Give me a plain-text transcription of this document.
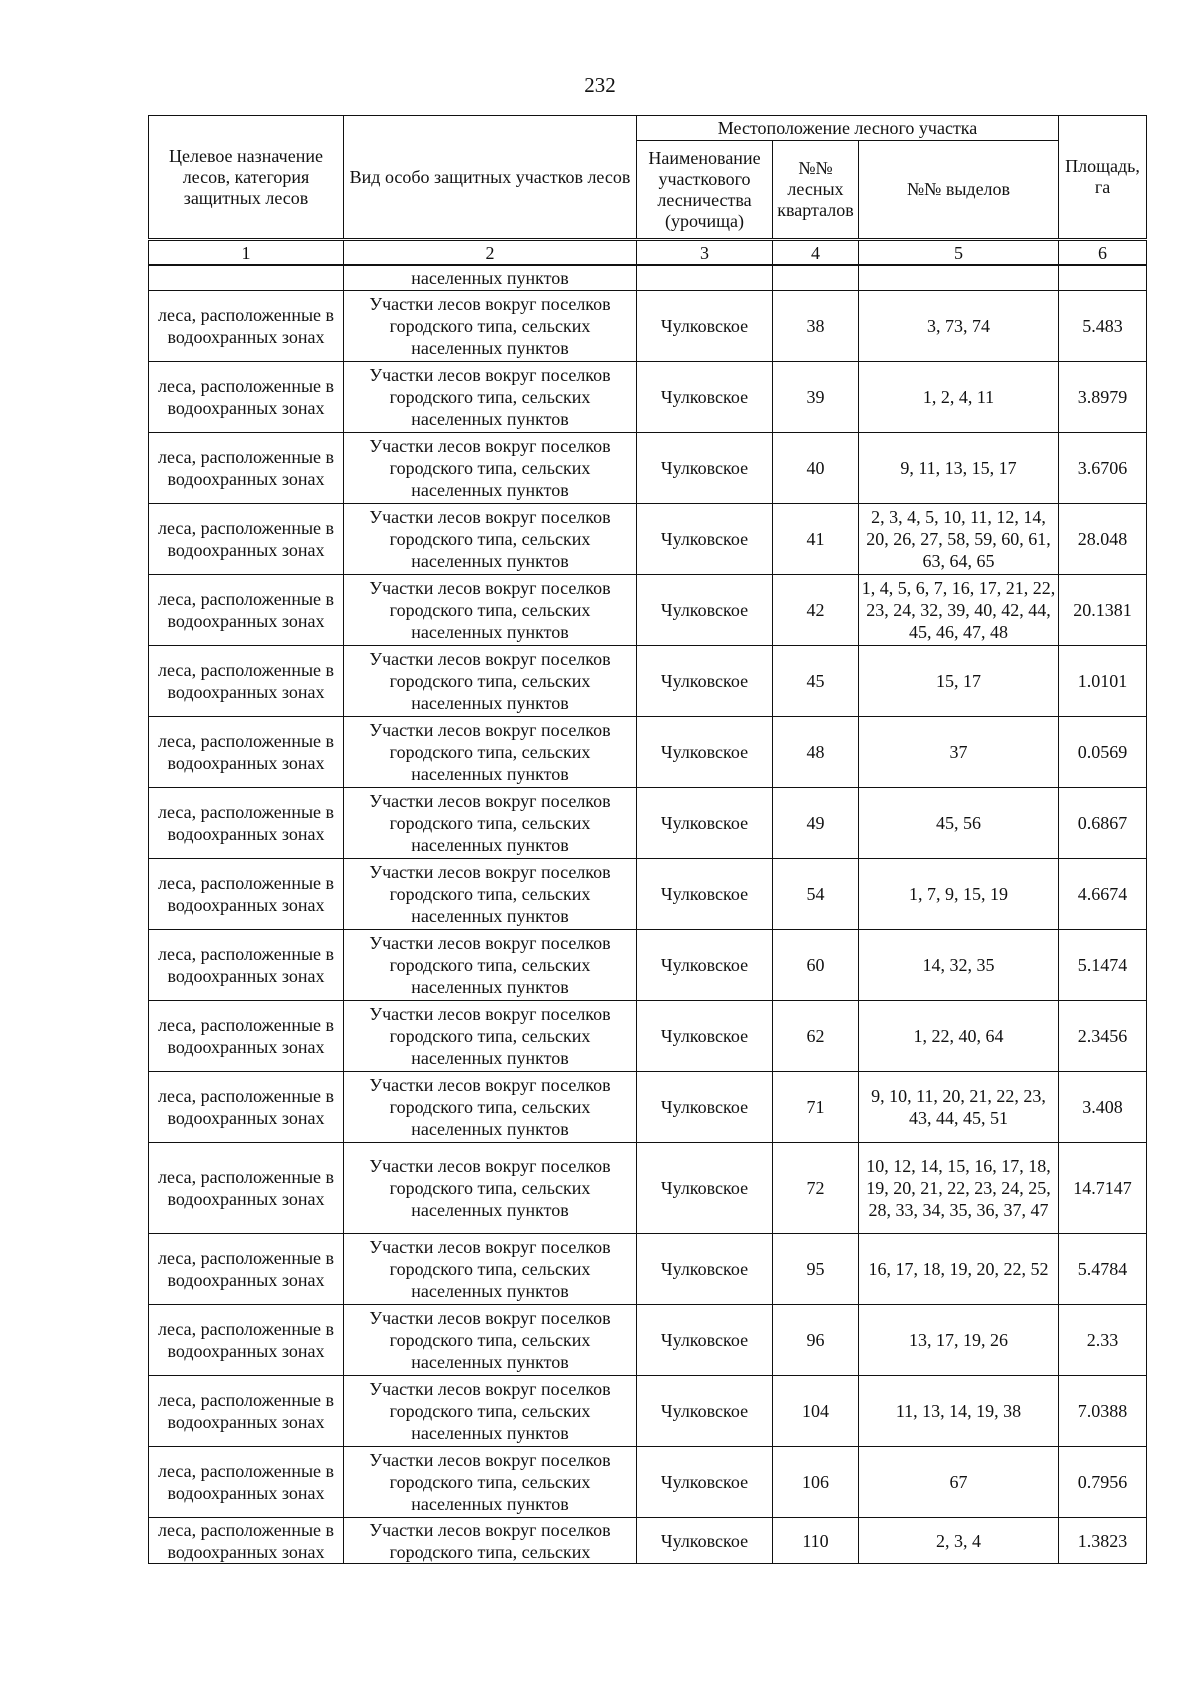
232
Целевое назначение лесов, категория защитных лесов	Вид особо защитных участков лесов	Местоположение лесного участка			Площадь, га
		Наименование участкового лесничества (урочища)	№№ лесных кварталов	№№ выделов	
1	2	3	4	5	6
	населенных пунктов				
леса, расположенные в водоохранных зонах	Участки лесов вокруг поселков городского типа, сельских населенных пунктов	Чулковское	38	3, 73, 74	5.483
леса, расположенные в водоохранных зонах	Участки лесов вокруг поселков городского типа, сельских населенных пунктов	Чулковское	39	1, 2, 4, 11	3.8979
леса, расположенные в водоохранных зонах	Участки лесов вокруг поселков городского типа, сельских населенных пунктов	Чулковское	40	9, 11, 13, 15, 17	3.6706
леса, расположенные в водоохранных зонах	Участки лесов вокруг поселков городского типа, сельских населенных пунктов	Чулковское	41	2, 3, 4, 5, 10, 11, 12, 14, 20, 26, 27, 58, 59, 60, 61, 63, 64, 65	28.048
леса, расположенные в водоохранных зонах	Участки лесов вокруг поселков городского типа, сельских населенных пунктов	Чулковское	42	1, 4, 5, 6, 7, 16, 17, 21, 22, 23, 24, 32, 39, 40, 42, 44, 45, 46, 47, 48	20.1381
леса, расположенные в водоохранных зонах	Участки лесов вокруг поселков городского типа, сельских населенных пунктов	Чулковское	45	15, 17	1.0101
леса, расположенные в водоохранных зонах	Участки лесов вокруг поселков городского типа, сельских населенных пунктов	Чулковское	48	37	0.0569
леса, расположенные в водоохранных зонах	Участки лесов вокруг поселков городского типа, сельских населенных пунктов	Чулковское	49	45, 56	0.6867
леса, расположенные в водоохранных зонах	Участки лесов вокруг поселков городского типа, сельских населенных пунктов	Чулковское	54	1, 7, 9, 15, 19	4.6674
леса, расположенные в водоохранных зонах	Участки лесов вокруг поселков городского типа, сельских населенных пунктов	Чулковское	60	14, 32, 35	5.1474
леса, расположенные в водоохранных зонах	Участки лесов вокруг поселков городского типа, сельских населенных пунктов	Чулковское	62	1, 22, 40, 64	2.3456
леса, расположенные в водоохранных зонах	Участки лесов вокруг поселков городского типа, сельских населенных пунктов	Чулковское	71	9, 10, 11, 20, 21, 22, 23, 43, 44, 45, 51	3.408
леса, расположенные в водоохранных зонах	Участки лесов вокруг поселков городского типа, сельских населенных пунктов	Чулковское	72	10, 12, 14, 15, 16, 17, 18, 19, 20, 21, 22, 23, 24, 25, 28, 33, 34, 35, 36, 37, 47	14.7147
леса, расположенные в водоохранных зонах	Участки лесов вокруг поселков городского типа, сельских населенных пунктов	Чулковское	95	16, 17, 18, 19, 20, 22, 52	5.4784
леса, расположенные в водоохранных зонах	Участки лесов вокруг поселков городского типа, сельских населенных пунктов	Чулковское	96	13, 17, 19, 26	2.33
леса, расположенные в водоохранных зонах	Участки лесов вокруг поселков городского типа, сельских населенных пунктов	Чулковское	104	11, 13, 14, 19, 38	7.0388
леса, расположенные в водоохранных зонах	Участки лесов вокруг поселков городского типа, сельских населенных пунктов	Чулковское	106	67	0.7956
леса, расположенные в водоохранных зонах	Участки лесов вокруг поселков городского типа, сельских	Чулковское	110	2, 3, 4	1.3823
